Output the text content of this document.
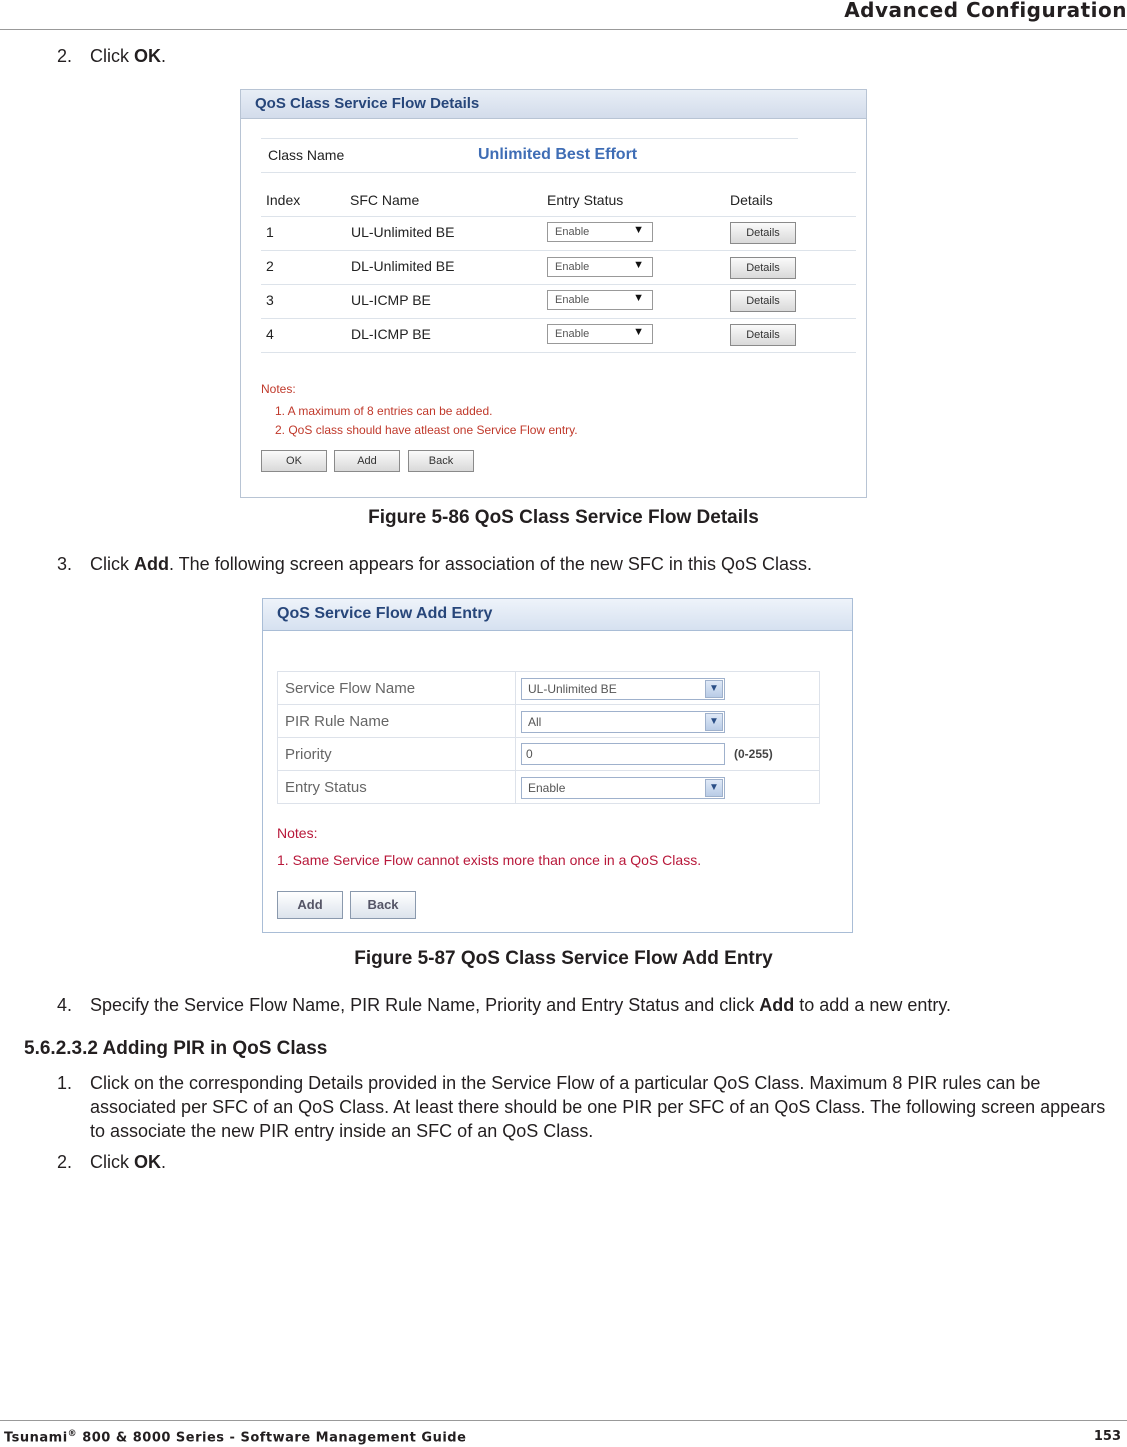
Advanced Configuration
2. Click OK.
QoS Class Service Flow Details
Class Name	Unlimited Best Effort
Index	SFC Name	Entry Status	Details
1	UL-Unlimited BE	Enable	▼	Details
2	DL-Unlimited BE	Enable	▼	Details
3	UL-ICMP BE	Enable	▼	Details
4	DL-ICMP BE	Enable	▼	Details
Notes:
1. A maximum of 8 entries can be added.
2. QoS class should have atleast one Service Flow entry.
OK	Add	Back
Figure 5-86 QoS Class Service Flow Details
3. Click Add. The following screen appears for association of the new SFC in this QoS Class.
QoS Service Flow Add Entry
Service Flow Name	UL-Unlimited BE ▼

PIR Rule Name	All ▼

Priority	0 (0-255)

Entry Status	Enable ▼
Notes:
1. Same Service Flow cannot exists more than once in a QoS Class.
Add	Back
Figure 5-87 QoS Class Service Flow Add Entry
4. Specify the Service Flow Name, PIR Rule Name, Priority and Entry Status and click Add to add a new entry.
5.6.2.3.2 Adding PIR in QoS Class
1. Click on the corresponding Details provided in the Service Flow of a particular QoS Class. Maximum 8 PIR rules can be associated per SFC of an QoS Class. At least there should be one PIR per SFC of an QoS Class. The following screen appears to associate the new PIR entry inside an SFC of an QoS Class.
2. Click OK.
Tsunami® 800 & 8000 Series - Software Management Guide	153
